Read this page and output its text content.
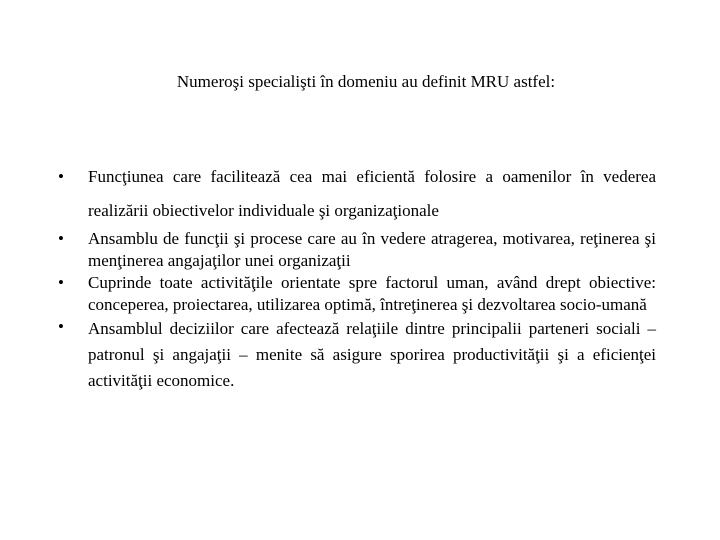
Numeroşi specialişti în domeniu au definit MRU astfel:
• Funcţiunea care facilitează cea mai eficientă folosire a oamenilor în vederea realizării obiectivelor individuale şi organizaţionale
• Ansamblu de funcţii şi procese care au în vedere atragerea, motivarea, reţinerea şi menţinerea angajaţilor unei organizaţii
• Cuprinde toate activităţile orientate spre factorul uman, având drept obiective: conceperea, proiectarea, utilizarea optimă, întreţinerea şi dezvoltarea socio-umană
• Ansamblul deciziilor care afectează relaţiile dintre principalii parteneri sociali – patronul şi angajaţii – menite să asigure sporirea productivităţii şi a eficienţei activităţii economice.
